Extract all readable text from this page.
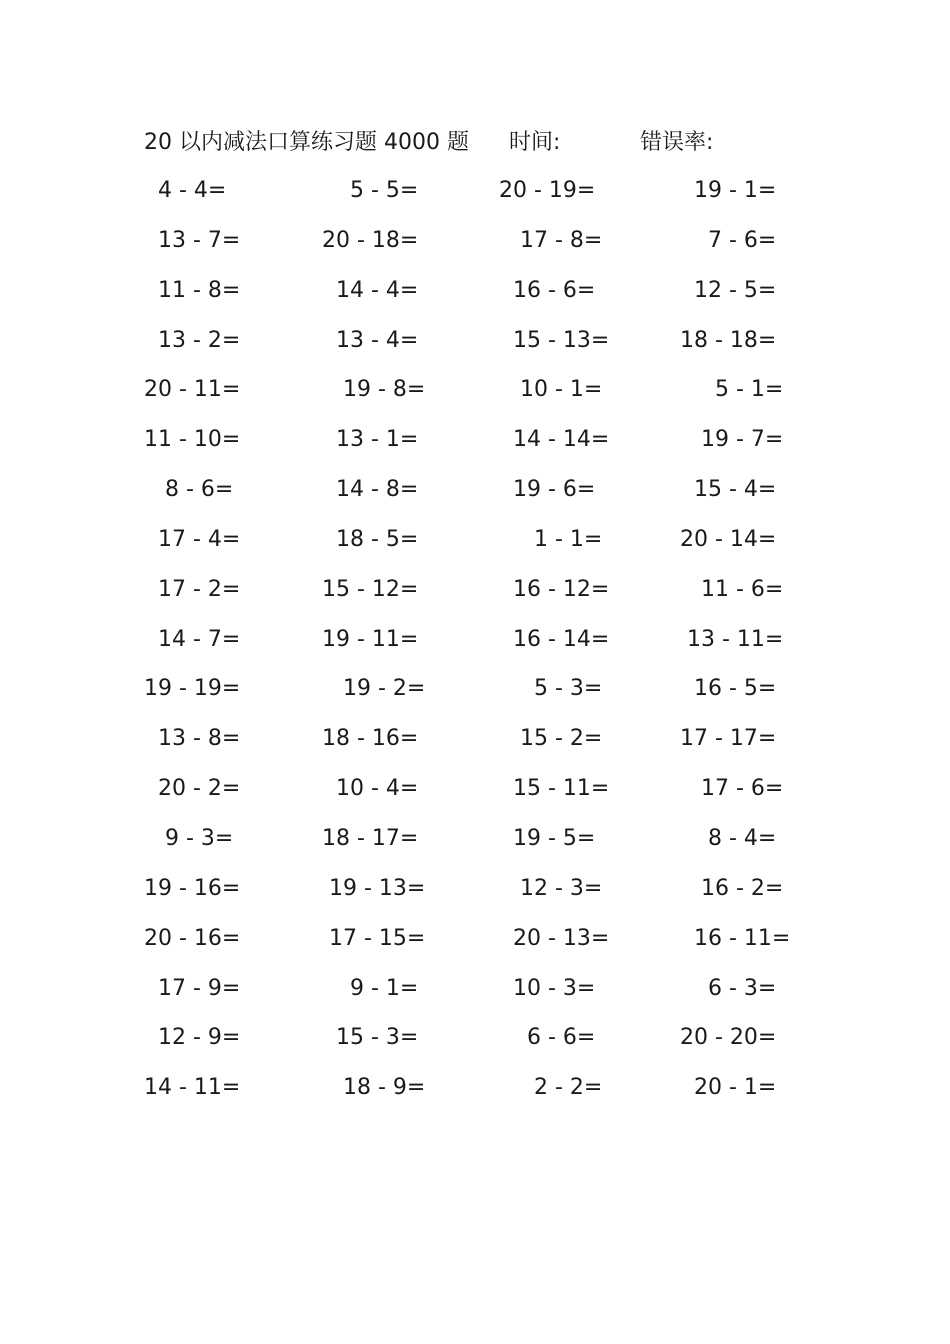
20 以内减法口算练习题 4000 题 时间:	错误率:
4 - 4=	5 - 5=	20 - 19=	19 - 1=
13 - 7=	20 - 18=	17 - 8=	7 - 6=
11 - 8=	14 - 4=	16 - 6=	12 - 5=
13 - 2=	13 - 4=	15 - 13=	18 - 18=
20 - 11=	19 - 8=	10 - 1=	5 - 1=
11 - 10=	13 - 1=	14 - 14=	19 - 7=
8 - 6=	14 - 8=	19 - 6=	15 - 4=
17 - 4=	18 - 5=	1 - 1=	20 - 14=
17 - 2=	15 - 12=	16 - 12=	11 - 6=
14 - 7=	19 - 11=	16 - 14=	13 - 11=
19 - 19=	19 - 2=	5 - 3=	16 - 5=
13 - 8=	18 - 16=	15 - 2=	17 - 17=
20 - 2=	10 - 4=	15 - 11=	17 - 6=
9 - 3=	18 - 17=	19 - 5=	8 - 4=
19 - 16=	19 - 13=	12 - 3=	16 - 2=
20 - 16=	17 - 15=	20 - 13=	16 - 11=
17 - 9=	9 - 1=	10 - 3=	6 - 3=
12 - 9=	15 - 3=	6 - 6=	20 - 20=
14 - 11=	18 - 9=	2 - 2=	20 - 1=
